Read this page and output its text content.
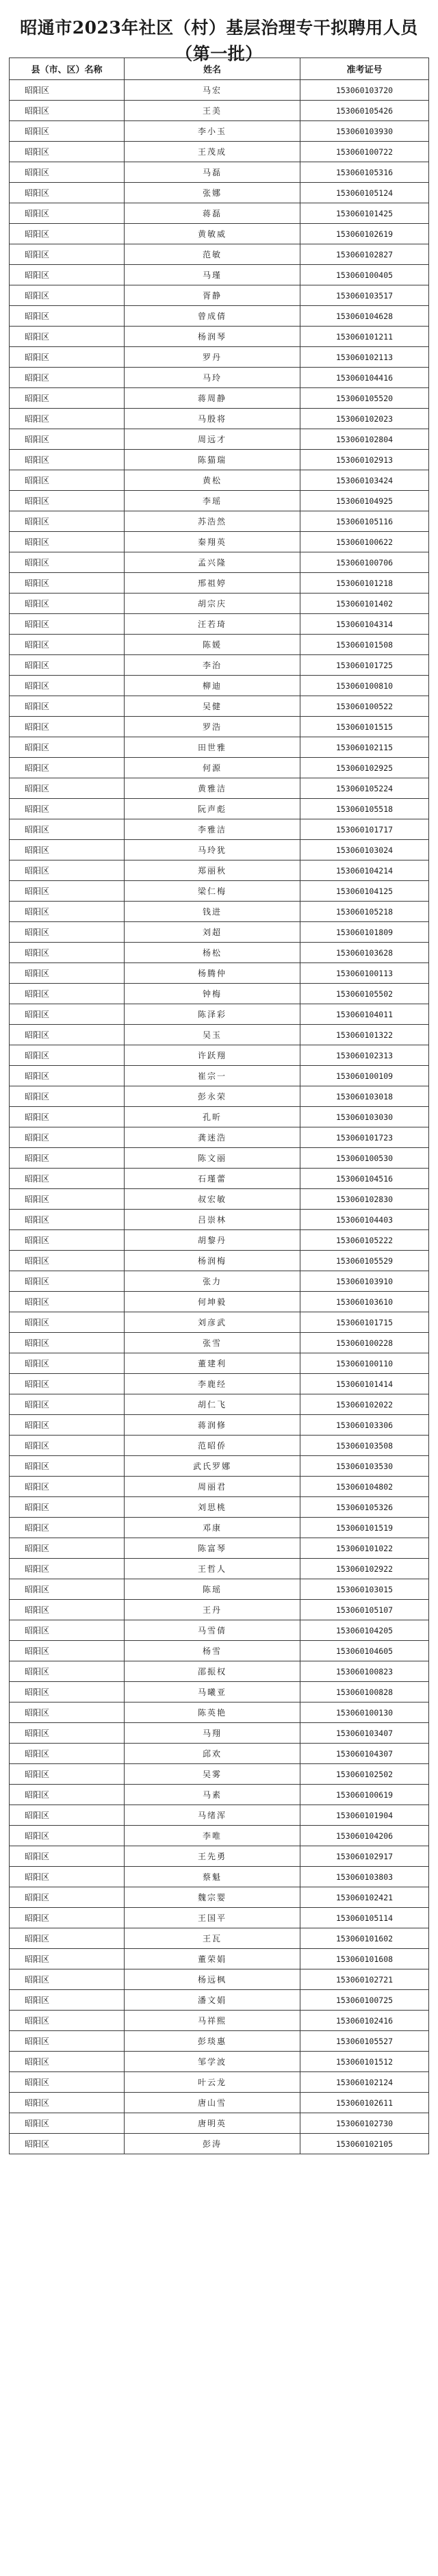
昭通市2023年社区（村）基层治理专干拟聘用人员
（第一批）
县（市、区）名称	姓名	准考证号
昭阳区	马宏	153060103720
昭阳区	王美	153060105426
昭阳区	李小玉	153060103930
昭阳区	王茂成	153060100722
昭阳区	马磊	153060105316
昭阳区	张娜	153060105124
昭阳区	蒋磊	153060101425
昭阳区	黄敏威	153060102619
昭阳区	范敏	153060102827
昭阳区	马瑾	153060100405
昭阳区	胥静	153060103517
昭阳区	曾成倩	153060104628
昭阳区	杨润琴	153060101211
昭阳区	罗丹	153060102113
昭阳区	马玲	153060104416
昭阳区	蒋周静	153060105520
昭阳区	马殷将	153060102023
昭阳区	周远才	153060102804
昭阳区	陈猫瑞	153060102913
昭阳区	黄松	153060103424
昭阳区	李瑶	153060104925
昭阳区	苏浩然	153060105116
昭阳区	秦翔英	153060100622
昭阳区	孟兴隆	153060100706
昭阳区	邢祖婷	153060101218
昭阳区	胡宗庆	153060101402
昭阳区	汪若琦	153060104314
昭阳区	陈媛	153060101508
昭阳区	李治	153060101725
昭阳区	柳迪	153060100810
昭阳区	吴健	153060100522
昭阳区	罗浩	153060101515
昭阳区	田世雅	153060102115
昭阳区	何源	153060102925
昭阳区	黄雅洁	153060105224
昭阳区	阮声彪	153060105518
昭阳区	李雅洁	153060101717
昭阳区	马玲犹	153060103024
昭阳区	郑丽秋	153060104214
昭阳区	梁仁梅	153060104125
昭阳区	钱进	153060105218
昭阳区	刘超	153060101809
昭阳区	杨松	153060103628
昭阳区	杨腾仲	153060100113
昭阳区	钟梅	153060105502
昭阳区	陈泽彩	153060104011
昭阳区	吴玉	153060101322
昭阳区	许跃翔	153060102313
昭阳区	崔宗一	153060100109
昭阳区	彭永荣	153060103018
昭阳区	孔昕	153060103030
昭阳区	龚迷浩	153060101723
昭阳区	陈文丽	153060100530
昭阳区	石瑾蕾	153060104516
昭阳区	叔宏敏	153060102830
昭阳区	吕崇林	153060104403
昭阳区	胡黎丹	153060105222
昭阳区	杨润梅	153060105529
昭阳区	张力	153060103910
昭阳区	何坤毅	153060103610
昭阳区	刘彦武	153060101715
昭阳区	张雪	153060100228
昭阳区	董建利	153060100110
昭阳区	李鹿经	153060101414
昭阳区	胡仁飞	153060102022
昭阳区	蒋润修	153060103306
昭阳区	范昭侨	153060103508
昭阳区	武氏罗娜	153060103530
昭阳区	周丽君	153060104802
昭阳区	刘思桃	153060105326
昭阳区	邓康	153060101519
昭阳区	陈富琴	153060101022
昭阳区	王哲人	153060102922
昭阳区	陈瑶	153060103015
昭阳区	王丹	153060105107
昭阳区	马雪倩	153060104205
昭阳区	杨雪	153060104605
昭阳区	邵振权	153060100823
昭阳区	马曦亚	153060100828
昭阳区	陈英艳	153060100130
昭阳区	马翔	153060103407
昭阳区	邱欢	153060104307
昭阳区	吴雾	153060102502
昭阳区	马素	153060100619
昭阳区	马绪浑	153060101904
昭阳区	李唯	153060104206
昭阳区	王先勇	153060102917
昭阳区	蔡魁	153060103803
昭阳区	魏宗婴	153060102421
昭阳区	王国平	153060105114
昭阳区	王瓦	153060101602
昭阳区	董荣娟	153060101608
昭阳区	杨远枫	153060102721
昭阳区	潘文娟	153060100725
昭阳区	马祥熙	153060102416
昭阳区	彭琰惠	153060105527
昭阳区	邹学波	153060101512
昭阳区	叶云龙	153060102124
昭阳区	唐山雪	153060102611
昭阳区	唐明英	153060102730
昭阳区	彭涛	153060102105
